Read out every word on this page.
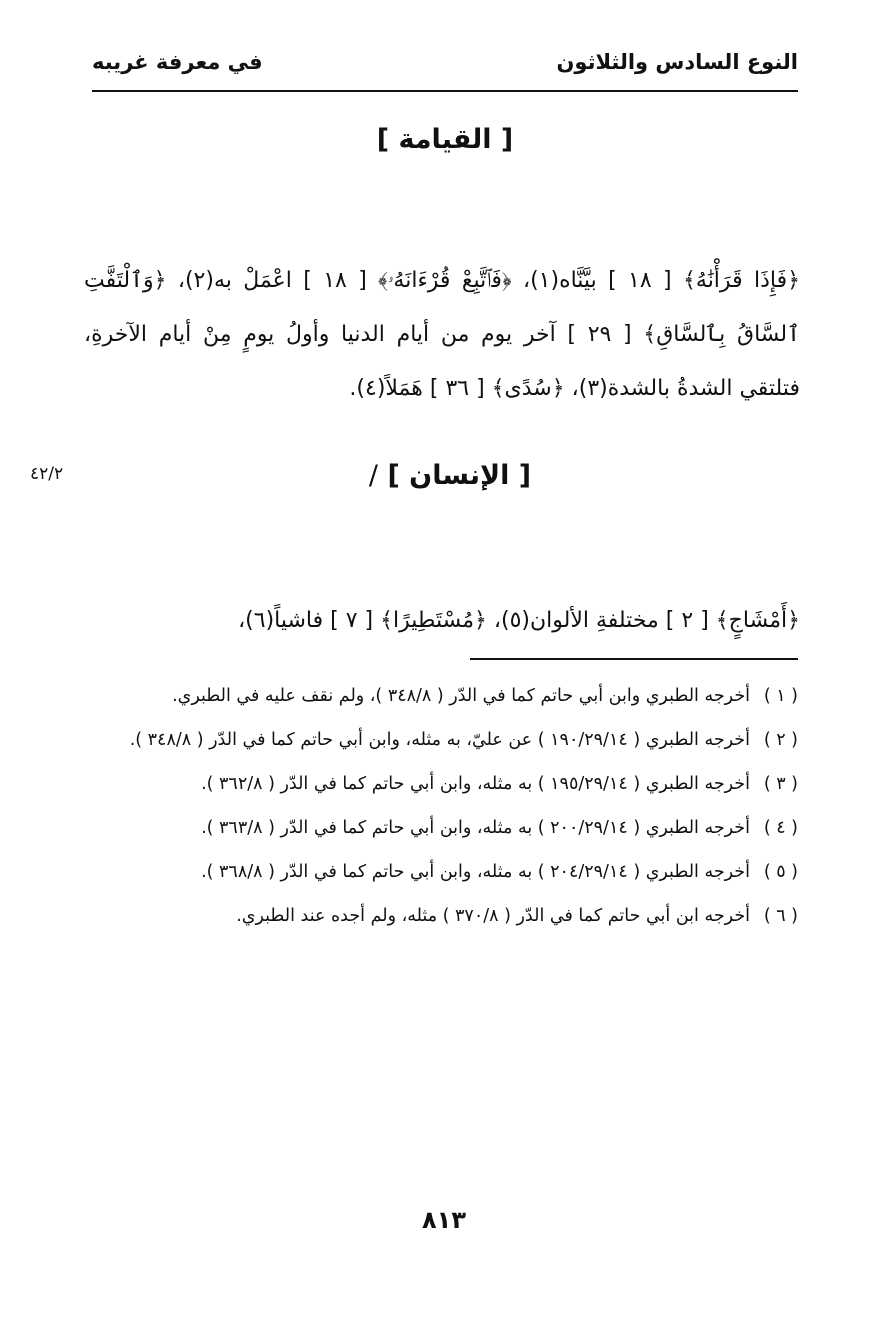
النوع السادس والثلاثون
في معرفة غريبه
[ القيامة ]

﴿فَإِذَا قَرَأْنَٰهُ﴾ [ ١٨ ] بيَّنَّاه(١)، ﴿فَٱتَّبِعْ قُرْءَانَهُۥ﴾ [ ١٨ ] اعْمَلْ به(٢)، ﴿وَٱلْتَفَّتِ ٱلسَّاقُ بِٱلسَّاقِ﴾ [ ٢٩ ] آخر يوم من أيام الدنيا وأولُ يومٍ مِنْ أيام الآخرةِ، فتلتقي الشدةُ بالشدة(٣)، ﴿سُدًى﴾ [ ٣٦ ] هَمَلاً(٤).

٤٢/٢	[ الإنسان ] /

﴿أَمْشَاجٍ﴾ [ ٢ ] مختلفةِ الألوان(٥)، ﴿مُسْتَطِيرًا﴾ [ ٧ ] فاشياً(٦)،

( ١ )
أخرجه الطبري وابن أبي حاتم كما في الدّر ( ٣٤٨/٨ )، ولم نقف عليه في الطبري.
( ٢ )
أخرجه الطبري ( ١٩٠/٢٩/١٤ ) عن عليّ، به مثله، وابن أبي حاتم كما في الدّر ( ٣٤٨/٨ ).
( ٣ )
أخرجه الطبري ( ١٩٥/٢٩/١٤ ) به مثله، وابن أبي حاتم كما في الدّر ( ٣٦٢/٨ ).
( ٤ )
أخرجه الطبري ( ٢٠٠/٢٩/١٤ ) به مثله، وابن أبي حاتم كما في الدّر ( ٣٦٣/٨ ).
( ٥ )
أخرجه الطبري ( ٢٠٤/٢٩/١٤ ) به مثله، وابن أبي حاتم كما في الدّر ( ٣٦٨/٨ ).
( ٦ )
أخرجه ابن أبي حاتم كما في الدّر ( ٣٧٠/٨ ) مثله، ولم أجده عند الطبري.
٨١٣
